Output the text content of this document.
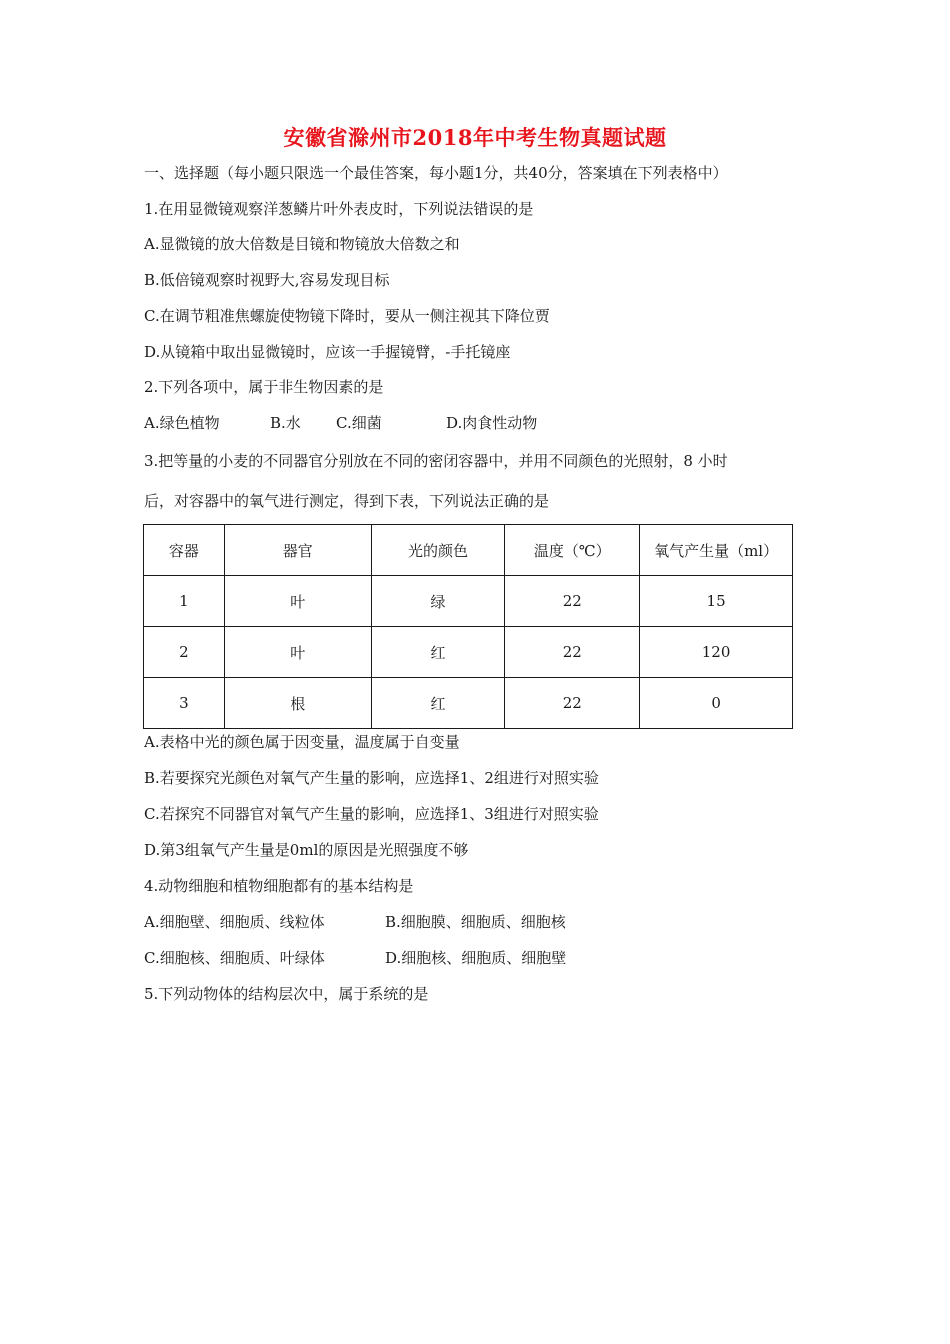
安徽省滁州市2018年中考生物真题试题
一、选择题（每小题只限选一个最佳答案，每小题1分，共40分，答案填在下列表格中）
1.在用显微镜观察洋葱鳞片叶外表皮时，下列说法错误的是
A.显微镜的放大倍数是目镜和物镜放大倍数之和
B.低倍镜观察时视野大,容易发现目标
C.在调节粗准焦螺旋使物镜下降时，要从一侧注视其下降位贾
D.从镜箱中取出显微镜时，应该一手握镜臂，-手托镜座
2.下列各项中，属于非生物因素的是
A.绿色植物	B.水 C.细菌	D.肉食性动物
3.把等量的小麦的不同器官分别放在不同的密闭容器中，并用不同颜色的光照射，8 小时
后，对容器中的氧气进行测定，得到下表，下列说法正确的是
容器	器官	光的颜色	温度（℃）	氧气产生量（ml）
1	叶	绿	22	15
2	叶	红	22	120
3	根	红	22	0
A.表格中光的颜色属于因变量，温度属于自变量
B.若要探究光颜色对氧气产生量的影响，应选择1、2组进行对照实验
C.若探究不同器官对氧气产生量的影响，应选择1、3组进行对照实验
D.第3组氧气产生量是0ml的原因是光照强度不够
4.动物细胞和植物细胞都有的基本结构是
A.细胞壁、细胞质、线粒体	B.细胞膜、细胞质、细胞核
C.细胞核、细胞质、叶绿体	D.细胞核、细胞质、细胞壁
5.下列动物体的结构层次中，属于系统的是
